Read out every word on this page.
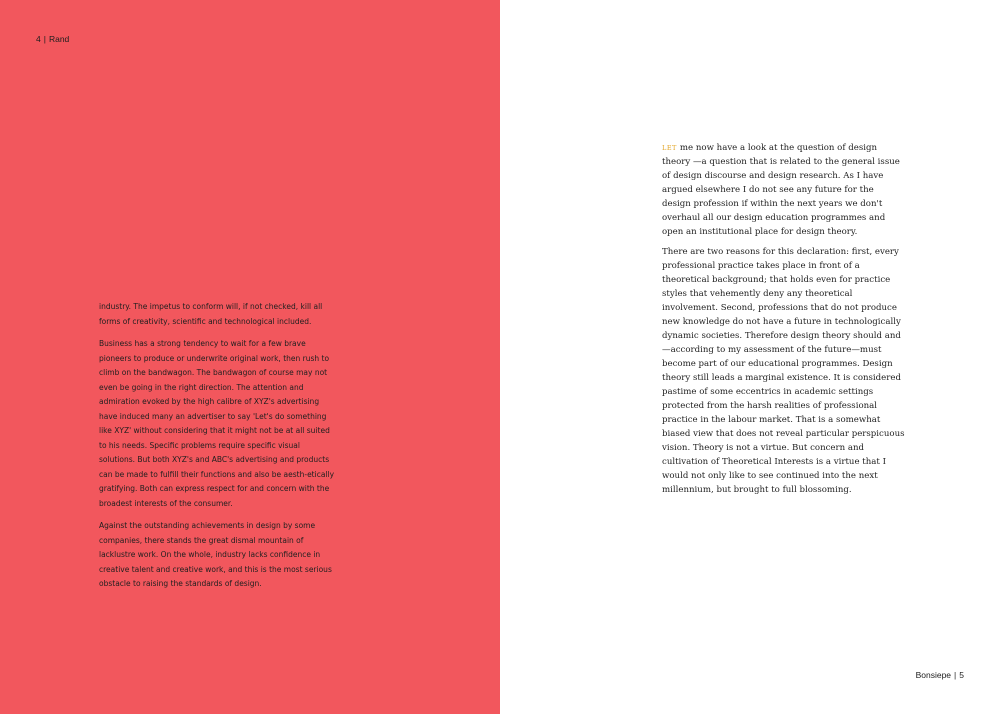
4 | Rand

industry. The impetus to conform will, if not checked, kill all forms of creativity, scientific and technological included.

Business has a strong tendency to wait for a few brave pioneers to produce or underwrite original work, then rush to climb on the bandwagon. The bandwagon of course may not even be going in the right direction. The attention and admiration evoked by the high calibre of XYZ's advertising have induced many an advertiser to say 'Let's do something like XYZ' without considering that it might not be at all suited to his needs. Specific problems require specific visual solutions. But both XYZ's and ABC's advertising and products can be made to fulfill their functions and also be aesth-etically gratifying. Both can express respect for and concern with the broadest interests of the consumer.

Against the outstanding achievements in design by some companies, there stands the great dismal mountain of lacklustre work. On the whole, industry lacks confidence in creative talent and creative work, and this is the most serious obstacle to raising the standards of design.

LET me now have a look at the question of design theory —a question that is related to the general issue of design discourse and design research. As I have argued elsewhere I do not see any future for the design profession if within the next years we don't overhaul all our design education programmes and open an institutional place for design theory.

There are two reasons for this declaration: first, every professional practice takes place in front of a theoretical background; that holds even for practice styles that vehemently deny any theoretical involvement. Second, professions that do not produce new knowledge do not have a future in technologically dynamic societies. Therefore design theory should and—according to my assessment of the future—must become part of our educational programmes. Design theory still leads a marginal existence. It is considered pastime of some eccentrics in academic settings protected from the harsh realities of professional practice in the labour market. That is a somewhat biased view that does not reveal particular perspicuous vision. Theory is not a virtue. But concern and cultivation of Theoretical Interests is a virtue that I would not only like to see continued into the next millennium, but brought to full blossoming.

Bonsiepe | 5
